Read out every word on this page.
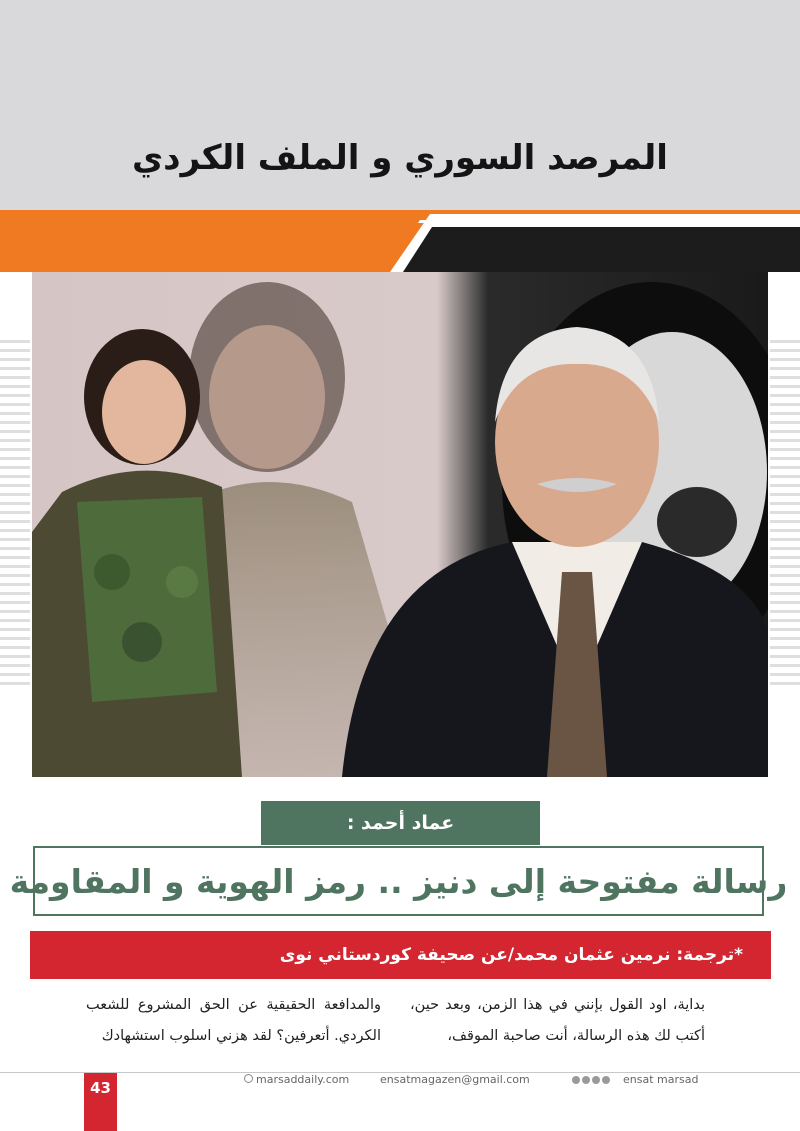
المرصد السوري و الملف الكردي
عماد أحمد :
رسالة مفتوحة إلى دنيز .. رمز الهوية و المقاومة
*ترجمة: نرمين عثمان محمد/عن صحيفة كوردستاني نوى
بداية، اود القول بإنني في هذا الزمن، وبعد حين، أكتب لك هذه الرسالة، أنت صاحبة الموقف،
والمدافعة الحقيقية عن الحق المشروع للشعب الكردي. أتعرفين؟ لقد هزني اسلوب استشهادك
43	marsaddaily.com	ensatmagazen@gmail.com	ensat marsad
